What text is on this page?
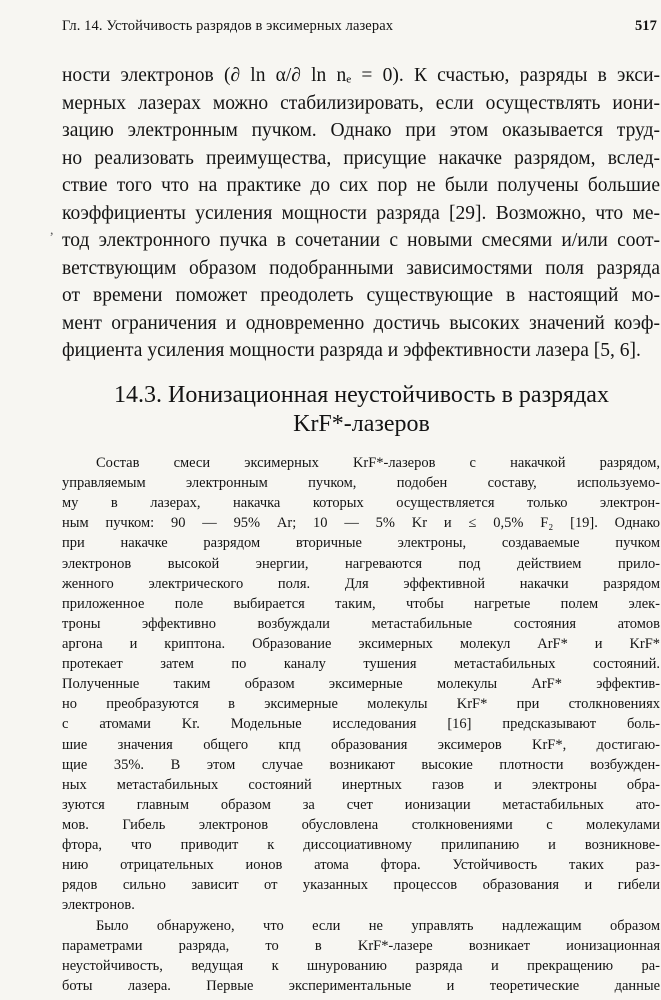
Гл. 14. Устойчивость разрядов в эксимерных лазерах	517
,
ности электронов (∂ ln α/∂ ln nₑ = 0). К счастью, разряды в экси-
мерных лазерах можно стабилизировать, если осуществлять иони-
зацию электронным пучком. Однако при этом оказывается труд-
но реализовать преимущества, присущие накачке разрядом, вслед-
ствие того что на практике до сих пор не были получены большие
коэффициенты усиления мощности разряда [29]. Возможно, что ме-
тод электронного пучка в сочетании с новыми смесями и/или соот-
ветствующим образом подобранными зависимостями поля разряда
от времени поможет преодолеть существующие в настоящий мо-
мент ограничения и одновременно достичь высоких значений коэф-
фициента усиления мощности разряда и эффективности лазера [5, 6].
14.3. Ионизационная неустойчивость в разрядах
KrF*-лазеров
Состав смеси эксимерных KrF*-лазеров с накачкой разрядом,
управляемым электронным пучком, подобен составу, используемо-
му в лазерах, накачка которых осуществляется только электрон-
ным пучком: 90 — 95% Ar; 10 — 5% Kr и ≤ 0,5% F₂ [19]. Однако
при накачке разрядом вторичные электроны, создаваемые пучком
электронов высокой энергии, нагреваются под действием прило-
женного электрического поля. Для эффективной накачки разрядом
приложенное поле выбирается таким, чтобы нагретые полем элек-
троны эффективно возбуждали метастабильные состояния атомов
аргона и криптона. Образование эксимерных молекул ArF* и KrF*
протекает затем по каналу тушения метастабильных состояний.
Полученные таким образом эксимерные молекулы ArF* эффектив-
но преобразуются в эксимерные молекулы KrF* при столкновениях
с атомами Kr. Модельные исследования [16] предсказывают боль-
шие значения общего кпд образования эксимеров KrF*, достигаю-
щие 35%. В этом случае возникают высокие плотности возбужден-
ных метастабильных состояний инертных газов и электроны обра-
зуются главным образом за счет ионизации метастабильных ато-
мов. Гибель электронов обусловлена столкновениями с молекулами
фтора, что приводит к диссоциативному прилипанию и возникнове-
нию отрицательных ионов атома фтора. Устойчивость таких раз-
рядов сильно зависит от указанных процессов образования и гибели
электронов.
Было обнаружено, что если не управлять надлежащим образом
параметрами разряда, то в KrF*-лазере возникает ионизационная
неустойчивость, ведущая к шнурованию разряда и прекращению ра-
боты лазера. Первые экспериментальные и теоретические данные
